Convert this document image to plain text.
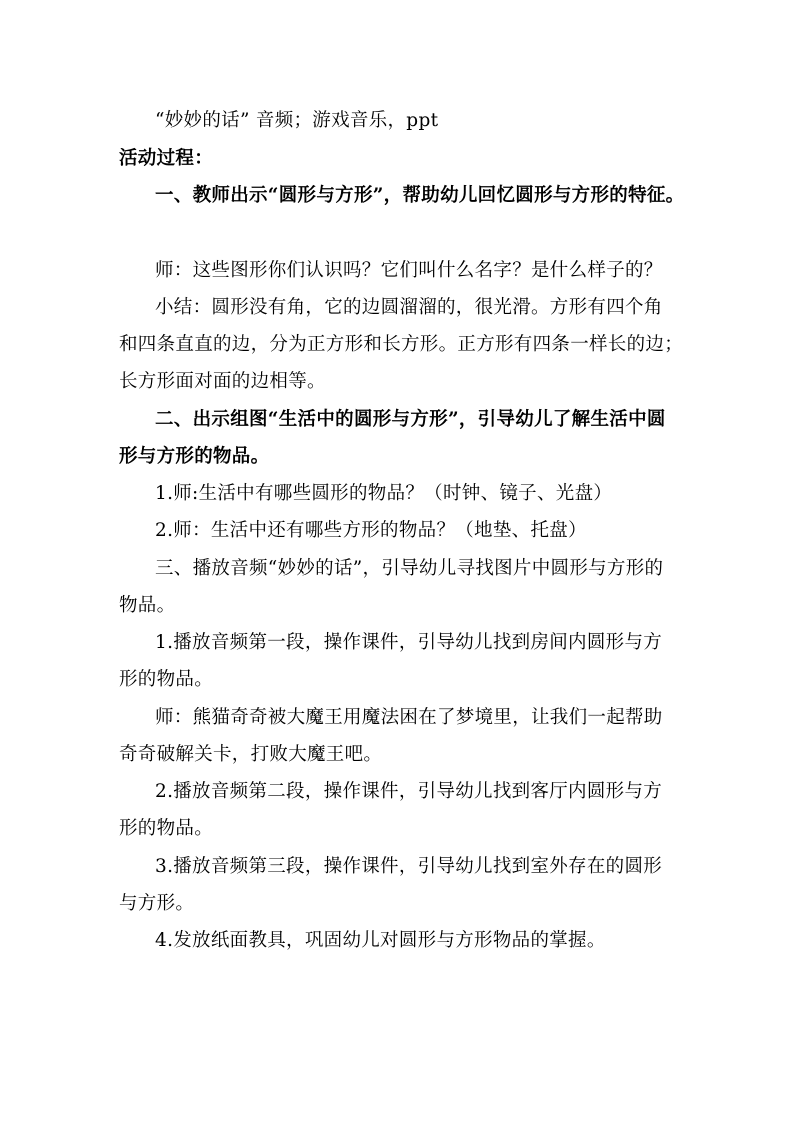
“妙妙的话” 音频；游戏音乐，ppt
活动过程：
一、教师出示“圆形与方形”，帮助幼儿回忆圆形与方形的特征。
师：这些图形你们认识吗？它们叫什么名字？是什么样子的？
小结：圆形没有角，它的边圆溜溜的，很光滑。方形有四个角
和四条直直的边，分为正方形和长方形。正方形有四条一样长的边；
长方形面对面的边相等。
二、出示组图“生活中的圆形与方形”，引导幼儿了解生活中圆
形与方形的物品。
1.师:生活中有哪些圆形的物品？（时钟、镜子、光盘）
2.师：生活中还有哪些方形的物品？（地垫、托盘）
三、播放音频“妙妙的话”，引导幼儿寻找图片中圆形与方形的
物品。
1.播放音频第一段，操作课件，引导幼儿找到房间内圆形与方
形的物品。
师：熊猫奇奇被大魔王用魔法困在了梦境里，让我们一起帮助
奇奇破解关卡，打败大魔王吧。
2.播放音频第二段，操作课件，引导幼儿找到客厅内圆形与方
形的物品。
3.播放音频第三段，操作课件，引导幼儿找到室外存在的圆形
与方形。
4.发放纸面教具，巩固幼儿对圆形与方形物品的掌握。
